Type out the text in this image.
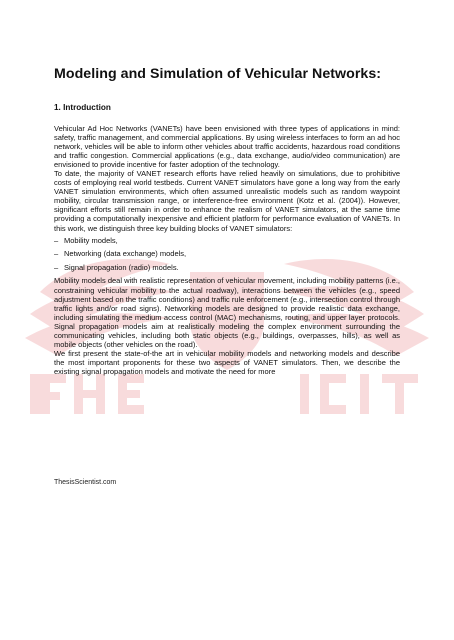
Modeling and Simulation of Vehicular Networks:
1. Introduction

Vehicular Ad Hoc Networks (VANETs) have been envisioned with three types of applications in mind: safety, traffic management, and commercial applications. By using wireless interfaces to form an ad hoc network, vehicles will be able to inform other vehicles about traffic accidents, hazardous road conditions and traffic congestion. Commercial applications (e.g., data exchange, audio/video communication) are envisioned to provide incentive for faster adoption of the technology.

To date, the majority of VANET research efforts have relied heavily on simulations, due to prohibitive costs of employing real world testbeds. Current VANET simulators have gone a long way from the early VANET simulation environments, which often assumed unrealistic models such as random waypoint mobility, circular transmission range, or interference-free environment (Kotz et al. (2004)). However, significant efforts still remain in order to enhance the realism of VANET simulators, at the same time providing a computationally inexpensive and efficient platform for performance evaluation of VANETs. In this work, we distinguish three key building blocks of VANET simulators:

– Mobility models,
– Networking (data exchange) models,
– Signal propagation (radio) models.

Mobility models deal with realistic representation of vehicular movement, including mobility patterns (i.e., constraining vehicular mobility to the actual roadway), interactions between the vehicles (e.g., speed adjustment based on the traffic conditions) and traffic rule enforcement (e.g., intersection control through traffic lights and/or road signs). Networking models are designed to provide realistic data exchange, including simulating the medium access control (MAC) mechanisms, routing, and upper layer protocols. Signal propagation models aim at realistically modeling the complex environment surrounding the communicating vehicles, including both static objects (e.g., buildings, overpasses, hills), as well as mobile objects (other vehicles on the road).

We first present the state-of-the art in vehicular mobility models and networking models and describe the most important proponents for these two aspects of VANET simulators. Then, we describe the existing signal propagation models and motivate the need for more

ThesisScientist.com
